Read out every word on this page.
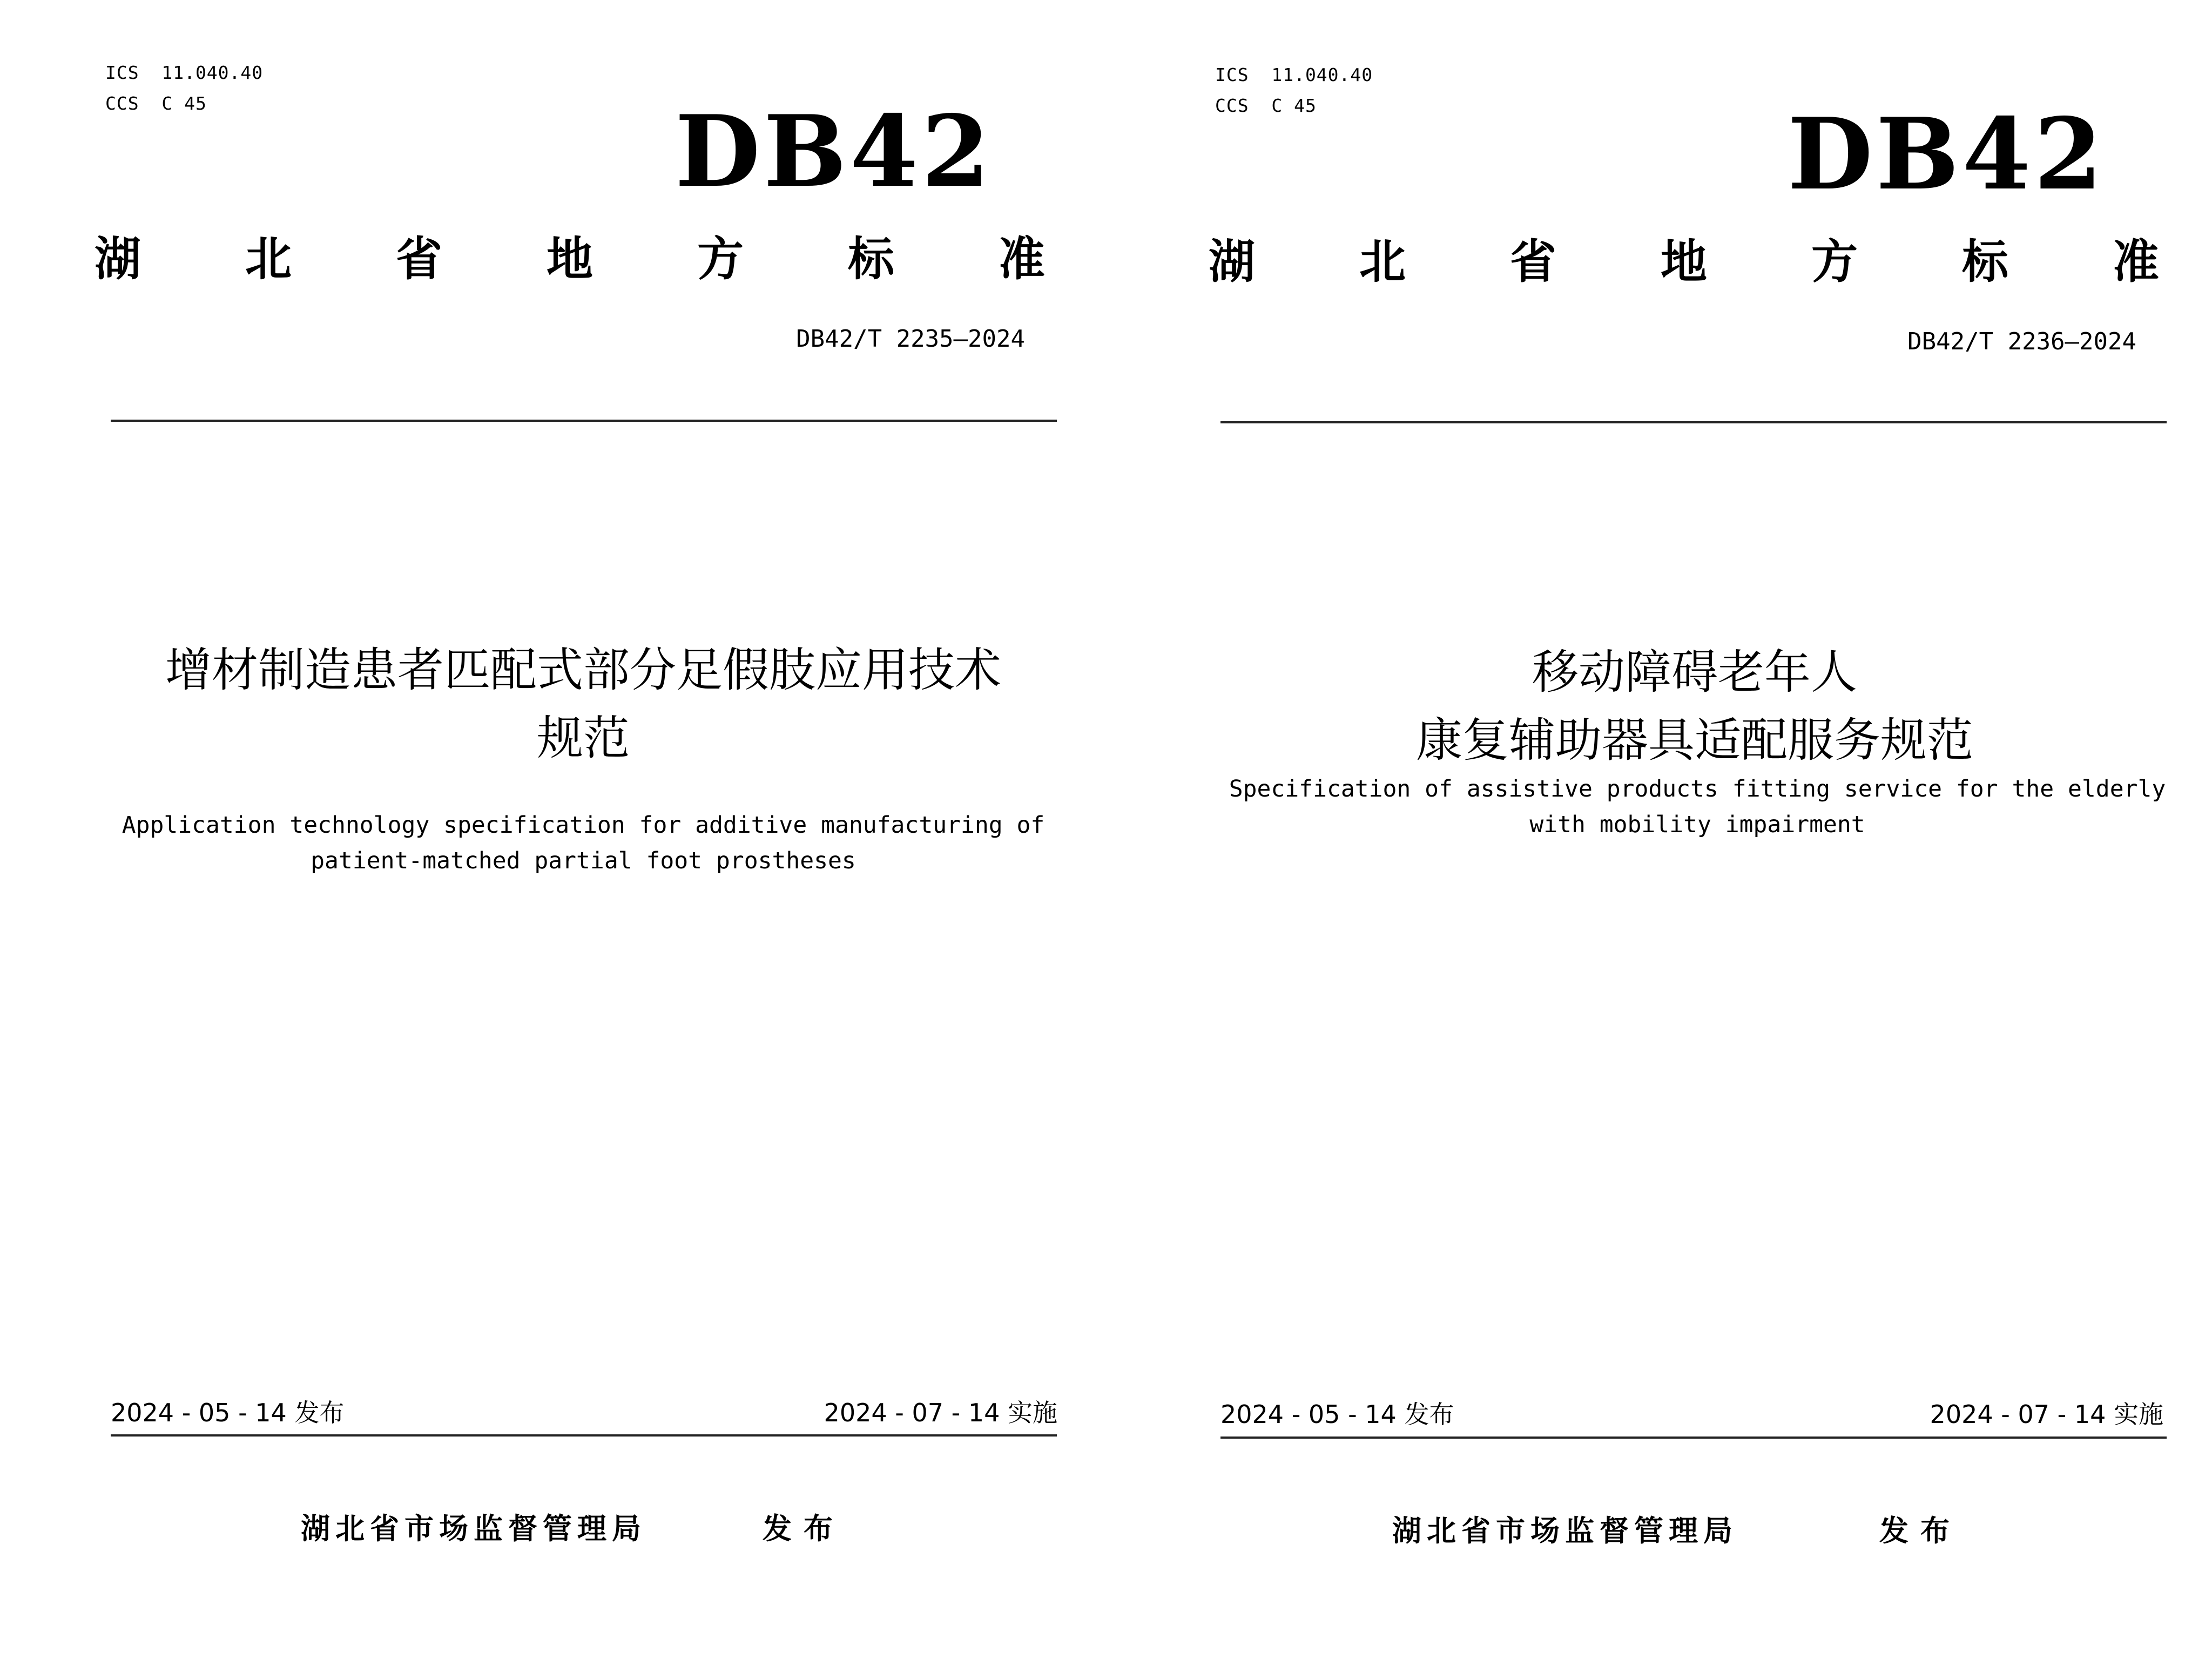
ICS  11.040.40
CCS  C 45	DB42
湖 北 省 地 方 标 准
DB42/T 2235—2024
增材制造患者匹配式部分足假肢应用技术
规范
Application technology specification for additive manufacturing of
patient-matched partial foot prostheses
2024 - 05 - 14 发布	2024 - 07 - 14 实施
湖北省市场监督管理局	发布
ICS  11.040.40
CCS  C 45	DB42
湖 北 省 地 方 标 准
DB42/T 2236—2024
移动障碍老年人
康复辅助器具适配服务规范
Specification of assistive products fitting service for the elderly
with mobility impairment
2024 - 05 - 14 发布	2024 - 07 - 14 实施
湖北省市场监督管理局	发布
